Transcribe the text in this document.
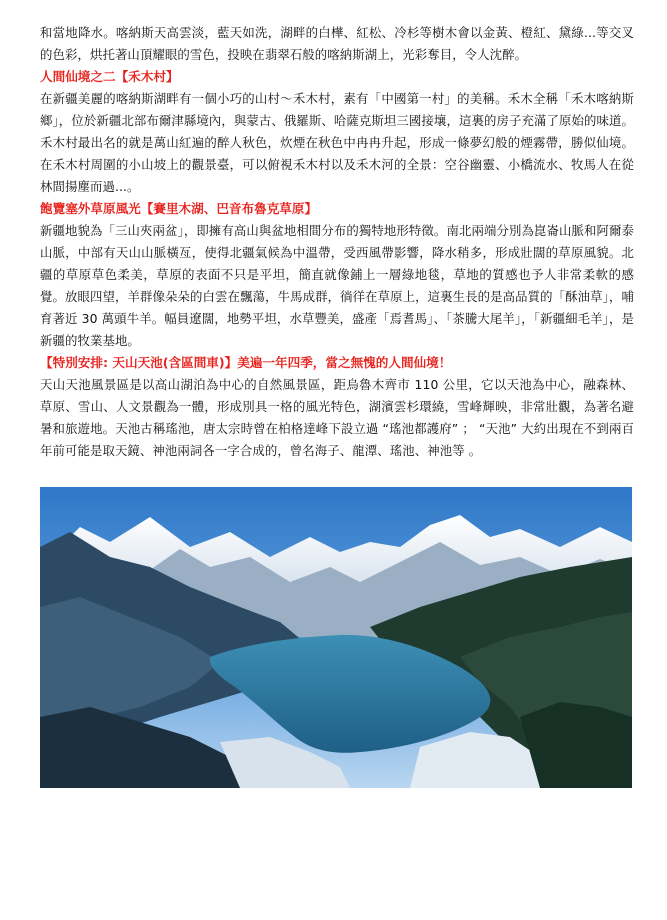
和當地降水。喀納斯天高雲淡，藍天如洗，湖畔的白樺、紅松、冷杉等樹木會以金黃、橙紅、黛綠...等交叉的色彩，烘托著山頂耀眼的雪色，投映在翡翠石般的喀納斯湖上，光彩奪目，令人沈醉。

人間仙境之二【禾木村】

在新疆美麗的喀納斯湖畔有一個小巧的山村～禾木村，素有「中國第一村」的美稱。禾木全稱「禾木喀納斯鄉」，位於新疆北部布爾津縣境內，與蒙古、俄羅斯、哈薩克斯坦三國接壤，這裏的房子充滿了原始的味道。禾木村最出名的就是萬山紅遍的醉人秋色，炊煙在秋色中冉冉升起，形成一條夢幻般的煙霧帶，勝似仙境。在禾木村周圍的小山坡上的觀景臺，可以俯視禾木村以及禾木河的全景：空谷幽靈、小橋流水、牧馬人在從林間揚塵而過...。

飽覽塞外草原風光【賽里木湖、巴音布魯克草原】

新疆地貌為「三山夾兩盆」，即擁有高山與盆地相間分布的獨特地形特徵。南北兩端分別為崑崙山脈和阿爾泰山脈，中部有天山山脈橫亙，使得北疆氣候為中溫帶，受西風帶影響，降水稍多，形成壯闊的草原風貌。北疆的草原草色柔美，草原的表面不只是平坦，簡直就像鋪上一層綠地毯，草地的質感也予人非常柔軟的感覺。放眼四望，羊群像朵朵的白雲在飄蕩，牛馬成群，徜徉在草原上，這裏生長的是高品質的「酥油草」，哺育著近 30 萬頭牛羊。幅員遼闊，地勢平坦，水草豐美，盛產「焉耆馬」、「茶騰大尾羊」，「新疆細毛羊」，是新疆的牧業基地。

【特別安排: 天山天池(含區間車)】美遍一年四季，當之無愧的人間仙境！

天山天池風景區是以高山湖泊為中心的自然風景區，距烏魯木齊市 110 公里，它以天池為中心，融森林、草原、雪山、人文景觀為一體，形成別具一格的風光特色，湖濱雲杉環繞，雪峰輝映，非常壯觀，為著名避暑和旅遊地。天池古稱瑤池，唐太宗時曾在柏格達峰下設立過 “瑤池都護府” ； “天池” 大約出現在不到兩百年前可能是取天鏡、神池兩詞各一字合成的，曾名海子、龍潭、瑤池、神池等 。
